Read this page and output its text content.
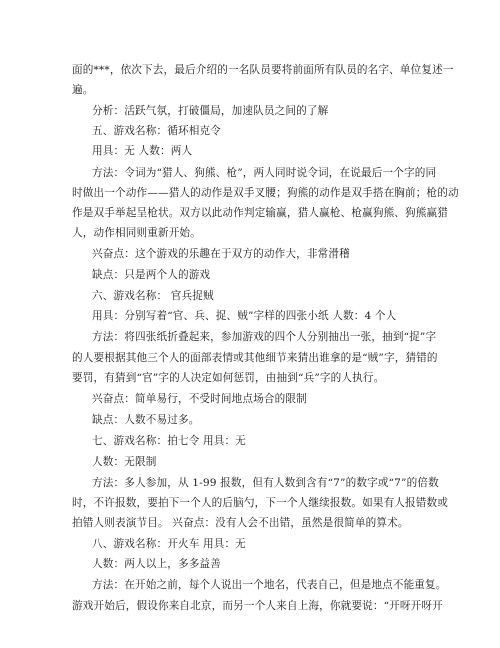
面的***，依次下去，最后介绍的一名队员要将前面所有队员的名字、单位复述一
遍。
分析：活跃气氛，打破僵局，加速队员之间的了解
五、游戏名称：循环相克令
用具：无 人数：两人
方法：令词为“猎人、狗熊、枪”，两人同时说令词，在说最后一个字的同
时做出一个动作——猎人的动作是双手叉腰；狗熊的动作是双手搭在胸前；枪的动
作是双手举起呈枪状。双方以此动作判定输赢，猎人赢枪、枪赢狗熊、狗熊赢猎
人，动作相同则重新开始。
兴奋点：这个游戏的乐趣在于双方的动作大，非常滑稽
缺点：只是两个人的游戏
六、游戏名称： 官兵捉贼
用具：分别写着“官、兵、捉、贼”字样的四张小纸 人数：4 个人
方法：将四张纸折叠起来，参加游戏的四个人分别抽出一张，抽到“捉”字
的人要根据其他三个人的面部表情或其他细节来猜出谁拿的是“贼”字，猜错的
要罚，有猜到“官”字的人决定如何惩罚，由抽到“兵”字的人执行。
兴奋点：简单易行，不受时间地点场合的限制
缺点：人数不易过多。
七、游戏名称：拍七令 用具：无
人数：无限制
方法：多人参加，从 1-99 报数，但有人数到含有“7”的数字或“7”的倍数
时，不许报数，要拍下一个人的后脑勺，下一个人继续报数。如果有人报错数或
拍错人则表演节目。 兴奋点：没有人会不出错，虽然是很简单的算术。
八、游戏名称：开火车 用具：无
人数：两人以上，多多益善
方法：在开始之前，每个人说出一个地名，代表自己，但是地点不能重复。
游戏开始后，假设你来自北京，而另一个人来自上海，你就要说：“开呀开呀开
